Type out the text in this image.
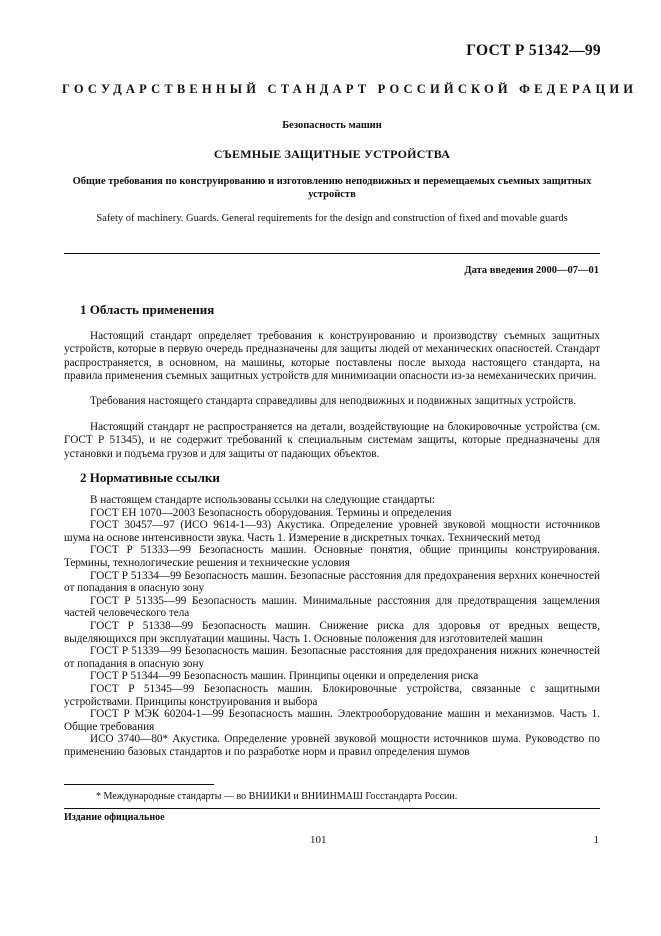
ГОСТ Р 51342—99
ГОСУДАРСТВЕННЫЙ СТАНДАРТ РОССИЙСКОЙ ФЕДЕРАЦИИ
Безопасность машин
СЪЕМНЫЕ ЗАЩИТНЫЕ УСТРОЙСТВА
Общие требования по конструированию и изготовлению неподвижных и перемещаемых съемных защитных устройств
Safety of machinery. Guards. General requirements for the design and construction of fixed and movable guards
Дата введения 2000—07—01
1 Область применения

Настоящий стандарт определяет требования к конструированию и производству съемных защитных устройств, которые в первую очередь предназначены для защиты людей от механических опасностей. Стандарт распространяется, в основном, на машины, которые поставлены после выхода настоящего стандарта, на правила применения съемных защитных устройств для минимизации опасности из-за немеханических причин.

Требования настоящего стандарта справедливы для неподвижных и подвижных защитных устройств.

Настоящий стандарт не распространяется на детали, воздействующие на блокировочные устройства (см. ГОСТ Р 51345), и не содержит требований к специальным системам защиты, которые предназначены для установки и подъема грузов и для защиты от падающих объектов.

2 Нормативные ссылки
В настоящем стандарте использованы ссылки на следующие стандарты:
ГОСТ ЕН 1070—2003 Безопасность оборудования. Термины и определения
ГОСТ 30457—97 (ИСО 9614-1—93) Акустика. Определение уровней звуковой мощности источников шума на основе интенсивности звука. Часть 1. Измерение в дискретных точках. Технический метод
ГОСТ Р 51333—99 Безопасность машин. Основные понятия, общие принципы конструирования. Термины, технологические решения и технические условия
ГОСТ Р 51334—99 Безопасность машин. Безопасные расстояния для предохранения верхних конечностей от попадания в опасную зону
ГОСТ Р 51335—99 Безопасность машин. Минимальные расстояния для предотвращения защемления частей человеческого тела
ГОСТ Р 51338—99 Безопасность машин. Снижение риска для здоровья от вредных веществ, выделяющихся при эксплуатации машины. Часть 1. Основные положения для изготовителей машин
ГОСТ Р 51339—99 Безопасность машин. Безопасные расстояния для предохранения нижних конечностей от попадания в опасную зону
ГОСТ Р 51344—99 Безопасность машин. Принципы оценки и определения риска
ГОСТ Р 51345—99 Безопасность машин. Блокировочные устройства, связанные с защитными устройствами. Принципы конструирования и выбора
ГОСТ Р МЭК 60204-1—99 Безопасность машин. Электрооборудование машин и механизмов. Часть 1. Общие требования
ИСО 3740—80* Акустика. Определение уровней звуковой мощности источников шума. Руководство по применению базовых стандартов и по разработке норм и правил определения шумов
* Международные стандарты — во ВНИИКИ и ВНИИНМАШ Госстандарта России.
Издание официальное
101	1
